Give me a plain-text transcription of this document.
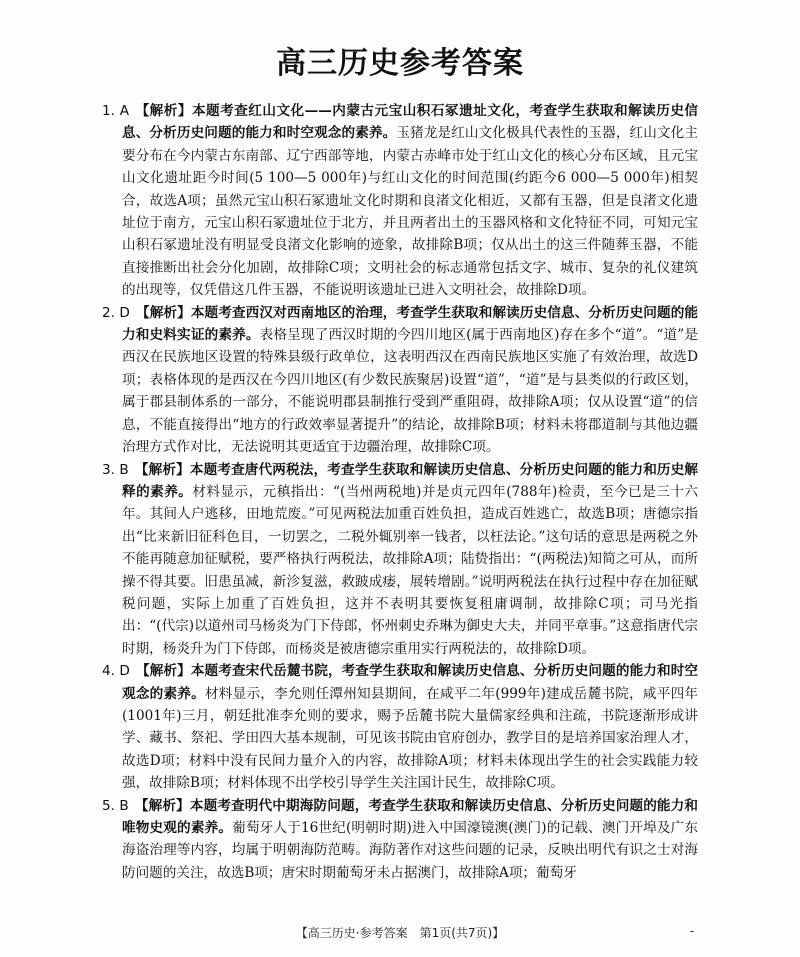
高三历史参考答案

1. A 【解析】本题考查红山文化——内蒙古元宝山积石冢遗址文化，考查学生获取和解读历史信息、分析历史问题的能力和时空观念的素养。玉猪龙是红山文化极具代表性的玉器，红山文化主要分布在今内蒙古东南部、辽宁西部等地，内蒙古赤峰市处于红山文化的核心分布区域，且元宝山文化遗址距今时间(5 100—5 000年)与红山文化的时间范围(约距今6 000—5 000年)相契合，故选A项；虽然元宝山积石冢遗址文化时期和良渚文化相近，又都有玉器，但是良渚文化遗址位于南方，元宝山积石冢遗址位于北方，并且两者出土的玉器风格和文化特征不同，可知元宝山积石冢遗址没有明显受良渚文化影响的迹象，故排除B项；仅从出土的这三件随葬玉器，不能直接推断出社会分化加剧，故排除C项；文明社会的标志通常包括文字、城市、复杂的礼仪建筑的出现等，仅凭借这几件玉器，不能说明该遗址已进入文明社会，故排除D项。

2. D 【解析】本题考查西汉对西南地区的治理，考查学生获取和解读历史信息、分析历史问题的能力和史料实证的素养。表格呈现了西汉时期的今四川地区(属于西南地区)存在多个“道”。“道”是西汉在民族地区设置的特殊县级行政单位，这表明西汉在西南民族地区实施了有效治理，故选D项；表格体现的是西汉在今四川地区(有少数民族聚居)设置“道”，“道”是与县类似的行政区划，属于郡县制体系的一部分，不能说明郡县制推行受到严重阻碍，故排除A项；仅从设置“道”的信息，不能直接得出“地方的行政效率显著提升”的结论，故排除B项；材料未将郡道制与其他边疆治理方式作对比，无法说明其更适宜于边疆治理，故排除C项。

3. B 【解析】本题考查唐代两税法，考查学生获取和解读历史信息、分析历史问题的能力和历史解释的素养。材料显示，元稹指出：“(当州两税地)并是贞元四年(788年)检责，至今已是三十六年。其间人户逃移，田地荒废。”可见两税法加重百姓负担，造成百姓逃亡，故选B项；唐德宗指出“比来新旧征科色目，一切罢之，二税外辄别率一钱者，以枉法论。”这句话的意思是两税之外不能再随意加征赋税，要严格执行两税法，故排除A项；陆贽指出：“(两税法)知简之可从，而所操不得其要。旧患虽减，新沴复滋，救跛成痿，展转增剧。”说明两税法在执行过程中存在加征赋税问题，实际上加重了百姓负担，这并不表明其要恢复租庸调制，故排除C项；司马光指出：“(代宗)以道州司马杨炎为门下侍郎，怀州刺史乔琳为御史大夫，并同平章事。”这意指唐代宗时期，杨炎升为门下侍郎，而杨炎是被唐德宗重用实行两税法的，故排除D项。

4. D 【解析】本题考查宋代岳麓书院，考查学生获取和解读历史信息、分析历史问题的能力和时空观念的素养。材料显示，李允则任潭州知县期间，在咸平二年(999年)建成岳麓书院，咸平四年(1001年)三月，朝廷批准李允则的要求，赐予岳麓书院大量儒家经典和注疏，书院逐渐形成讲学、藏书、祭祀、学田四大基本规制，可见该书院由官府创办，教学目的是培养国家治理人才，故选D项；材料中没有民间力量介入的内容，故排除A项；材料未体现出学生的社会实践能力较强，故排除B项；材料体现不出学校引导学生关注国计民生，故排除C项。

5. B 【解析】本题考查明代中期海防问题，考查学生获取和解读历史信息、分析历史问题的能力和唯物史观的素养。葡萄牙人于16世纪(明朝时期)进入中国濠镜澳(澳门)的记载、澳门开埠及广东海盗治理等内容，均属于明朝海防范畴。海防著作对这些问题的记录，反映出明代有识之士对海防问题的关注，故选B项；唐宋时期葡萄牙未占据澳门，故排除A项；葡萄牙

【高三历史·参考答案　第1页(共7页)】	-
